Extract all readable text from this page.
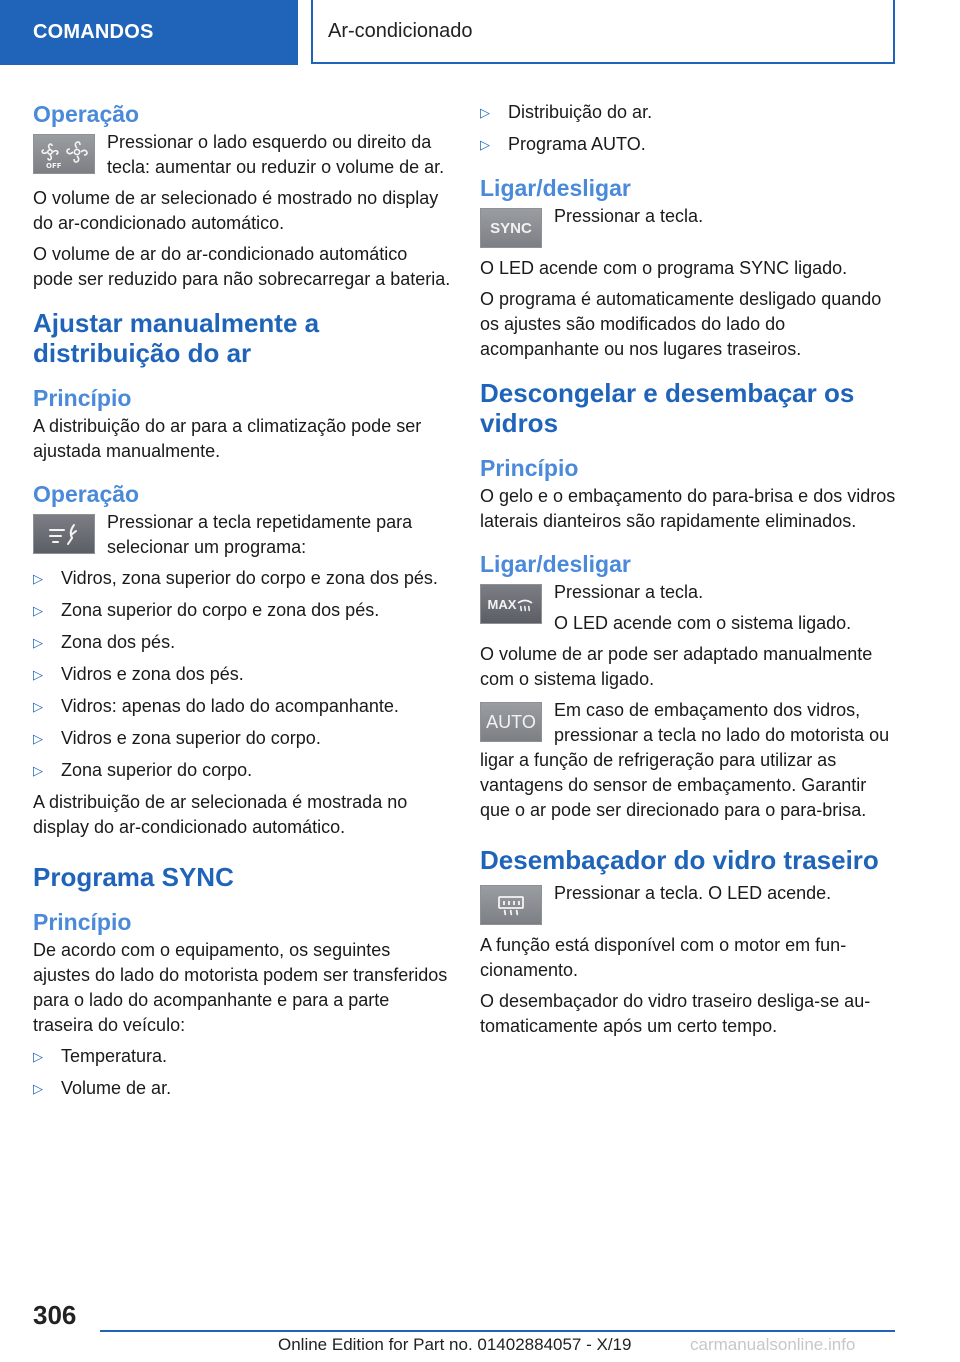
COMANDOS	Ar-condicionado
Operação
OFF
Pressionar o lado esquerdo ou direito da tecla: aumentar ou reduzir o volume de ar.

O volume de ar selecionado é mostrado no display do ar-condicionado automático.

O volume de ar do ar-condicionado automático pode ser reduzido para não sobrecarregar a bateria.

Ajustar manualmente a distribuição do ar
Princípio

A distribuição do ar para a climatização pode ser ajustada manualmente.

Operação
Pressionar a tecla repetidamente para selecionar um programa:
▷ Vidros, zona superior do corpo e zona dos pés.
▷ Zona superior do corpo e zona dos pés.
▷ Zona dos pés.
▷ Vidros e zona dos pés.
▷ Vidros: apenas do lado do acompanhante.
▷ Vidros e zona superior do corpo.
▷ Zona superior do corpo.

A distribuição de ar selecionada é mostrada no display do ar-condicionado automático.

Programa SYNC
Princípio

De acordo com o equipamento, os seguintes ajustes do lado do motorista podem ser transferidos para o lado do acompanhante e para a parte traseira do veículo:

▷ Temperatura.
▷ Volume de ar.
▷ Distribuição do ar.
▷ Programa AUTO.
Ligar/desligar
SYNC
Pressionar a tecla.
O LED acende com o programa SYNC ligado.

O programa é automaticamente desligado quando os ajustes são modificados do lado do acompanhante ou nos lugares traseiros.

Descongelar e desembaçar os vidros
Princípio

O gelo e o embaçamento do para-brisa e dos vidros laterais dianteiros são rapidamente eliminados.

Ligar/desligar
MAX
Pressionar a tecla.
O LED acende com o sistema ligado.

O volume de ar pode ser adaptado manualmente com o sistema ligado.

AUTO
Em caso de embaçamento dos vidros, pressionar a tecla no lado do motorista ou ligar a função de refrigeração para utilizar as vantagens do sensor de embaçamento. Garantir que o ar pode ser direcionado para o para-brisa.
Desembaçador do vidro traseiro
Pressionar a tecla. O LED acende.

A função está disponível com o motor em funcionamento.

O desembaçador do vidro traseiro desliga-se automaticamente após um certo tempo.

306
Online Edition for Part no. 01402884057 - X/19	carmanualsonline.info
